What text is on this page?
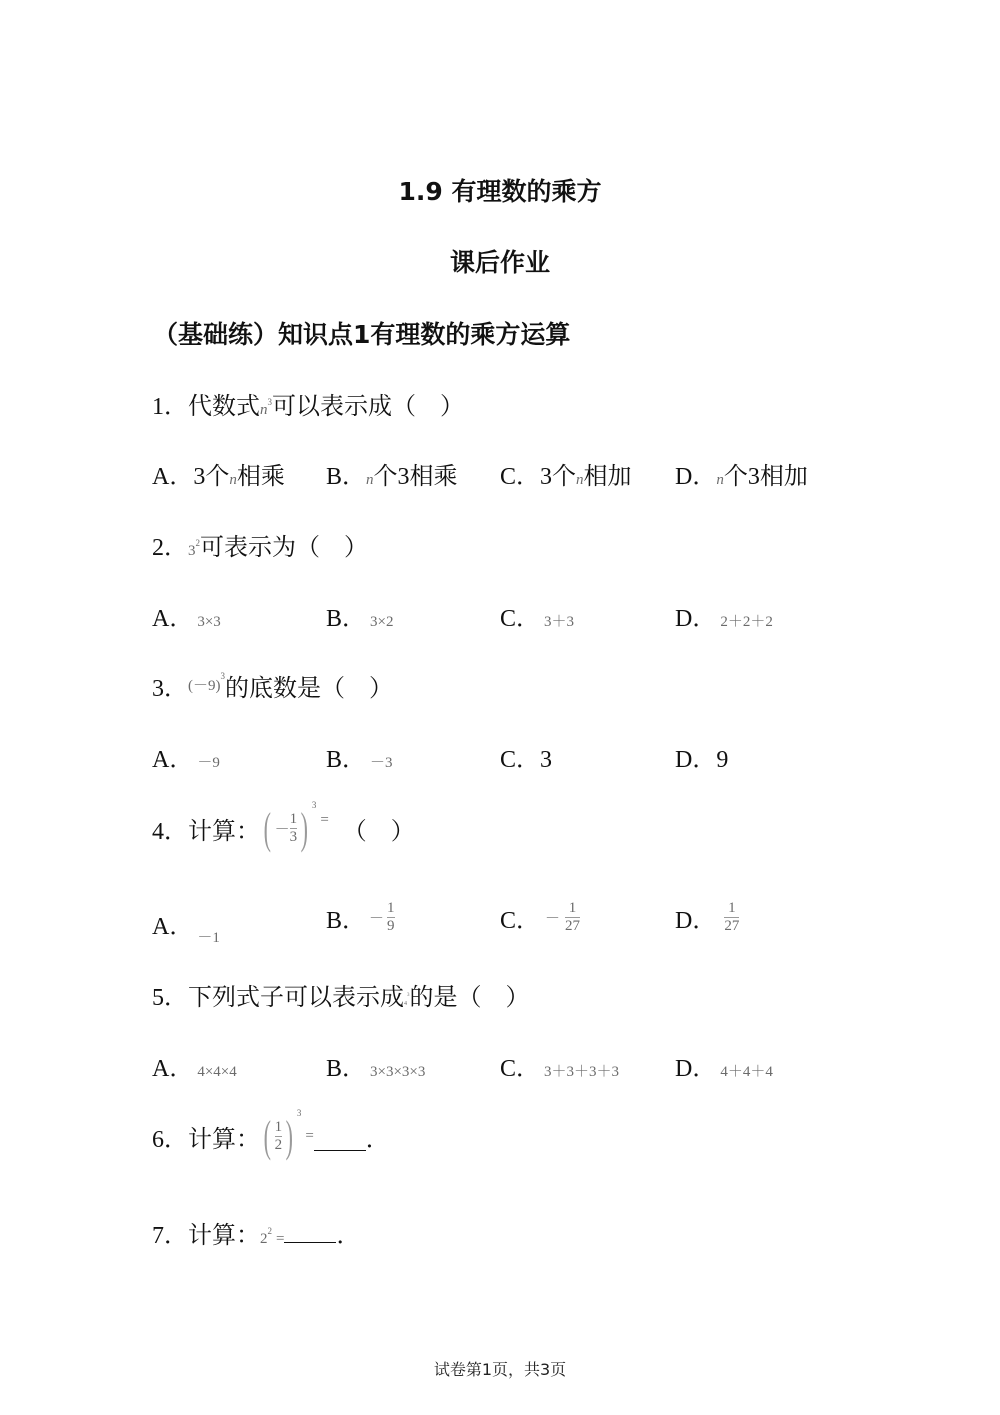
1.9 有理数的乘方
课后作业
（基础练）知识点1有理数的乘方运算
1．代数式$n^3$可以表示成（　）
A．3个n相乘 B．n个3相乘 C．3个n相加 D．n个3相加
2．$3^2$可表示为（　）
A． 3×3	B． 3×2	C． 3＋3	D． 2＋2＋2
3．$^{(-9)3}$的底数是（　）
A． －9	B． －3	C．3	D．9
4． 计算： ( － $\frac{1}{3}$ ) 3
= （　）
A． $_{-1}$
B． － $\frac{1}{9}$	C． － $\frac{1}{27}$	D． $\frac{1}{27}$
5．下列式子可以表示成$4^3$的是（　）
A． 4×4×4	B． 3×3×3×3	C． 3＋3＋3＋3 D． 4＋4＋4
6． 计算： ( $\frac{1}{2}$ ) 3
= ．
7．计算：$2^2$ = ．
试卷第1页，共3页
